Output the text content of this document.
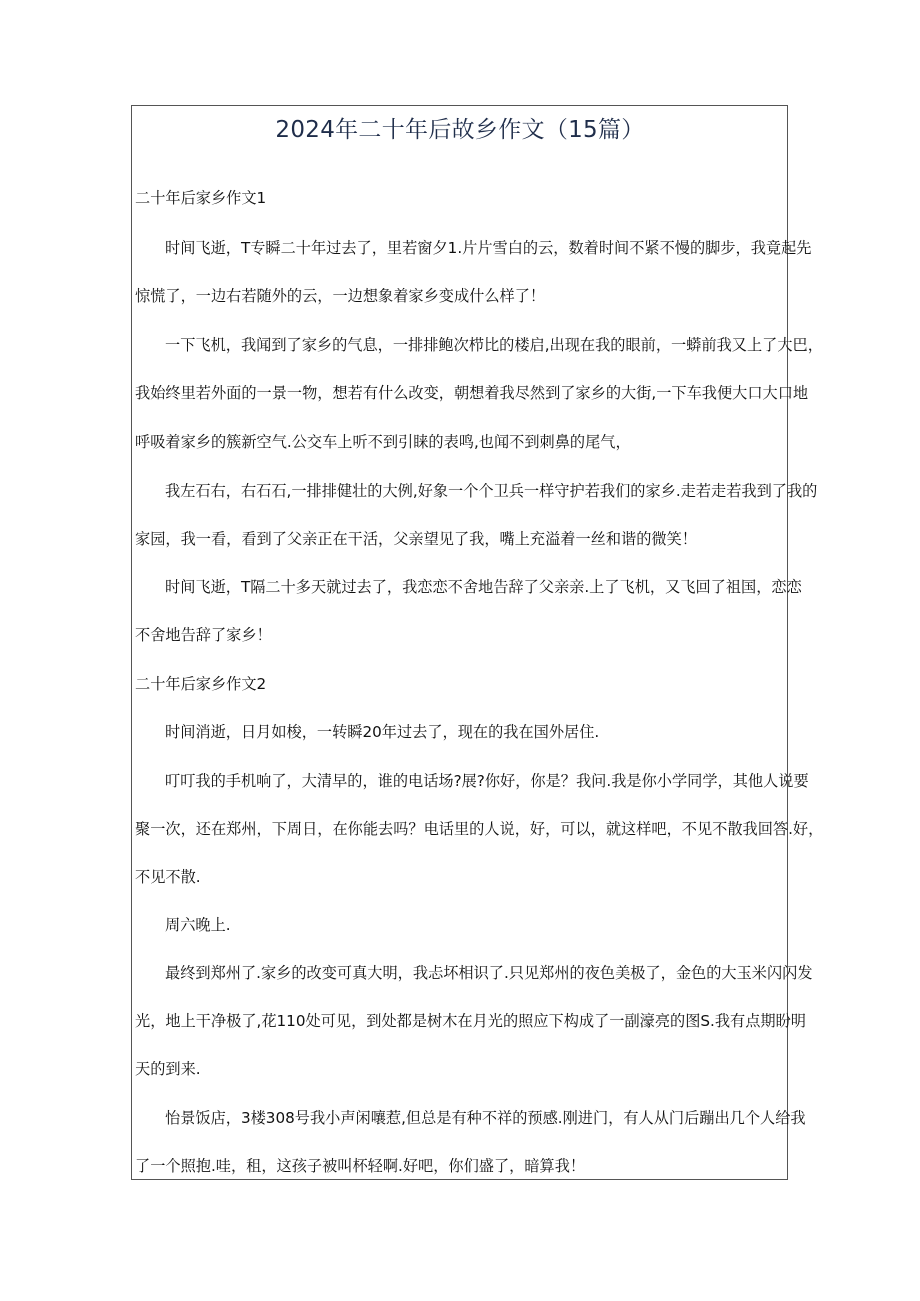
2024年二十年后故乡作文（15篇）
二十年后家乡作文1
时间飞逝，T专瞬二十年过去了，里若窗夕1.片片雪白的云，数着时间不紧不慢的脚步，我竟起先
惊慌了，一边右若随外的云，一边想象着家乡变成什么样了！
一下飞机，我闻到了家乡的气息，一排排鲍次栉比的楼启,出现在我的眼前，一蟒前我又上了大巴，
我始终里若外面的一景一物，想若有什么改变，朝想着我尽然到了家乡的大街,一下车我便大口大口地
呼吸着家乡的簇新空气.公交车上听不到引睐的表鸣,也闻不到刺鼻的尾气，
我左石右，右石石,一排排健壮的大例,好象一个个卫兵一样守护若我们的家乡.走若走若我到了我的
家园，我一看，看到了父亲正在干活，父亲望见了我，嘴上充溢着一丝和谐的微笑！
时间飞逝，T隔二十多天就过去了，我恋恋不舍地告辞了父亲亲.上了飞机，又飞回了祖国，恋恋
不舍地告辞了家乡！
二十年后家乡作文2
时间消逝，日月如梭，一转瞬20年过去了，现在的我在国外居住.
叮叮我的手机响了，大清早的，谁的电话场?展?你好，你是？我问.我是你小学同学，其他人说要
聚一次，还在郑州，下周日，在你能去吗？电话里的人说，好，可以，就这样吧，不见不散我回答.好，
不见不散.
周六晚上.
最终到郑州了.家乡的改变可真大明，我忐坏相识了.只见郑州的夜色美极了，金色的大玉米闪闪发
光，地上干净极了,花110处可见，到处都是树木在月光的照应下构成了一副濠亮的图S.我有点期盼明
天的到来.
怡景饭店，3楼308号我小声闲嚷惹,但总是有种不祥的预感.刚进门，有人从门后蹦出几个人给我
了一个照抱.哇，租，这孩子被叫杯轻啊.好吧，你们盛了，暗算我！
